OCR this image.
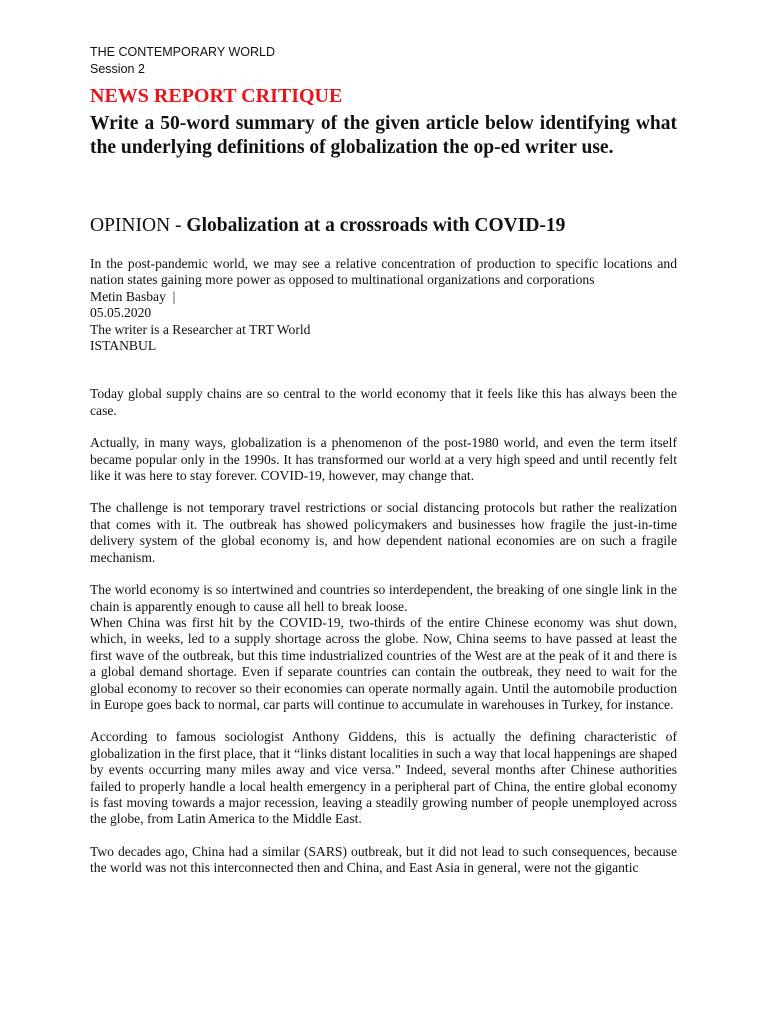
THE CONTEMPORARY WORLD

Session 2

NEWS REPORT CRITIQUE

Write a 50-word summary of the given article below identifying what the underlying definitions of globalization the op-ed writer use.

OPINION - Globalization at a crossroads with COVID-19

In the post-pandemic world, we may see a relative concentration of production to specific locations and nation states gaining more power as opposed to multinational organizations and corporations

Metin Basbay  |

05.05.2020

The writer is a Researcher at TRT World

ISTANBUL

Today global supply chains are so central to the world economy that it feels like this has always been the case.

Actually, in many ways, globalization is a phenomenon of the post-1980 world, and even the term itself became popular only in the 1990s. It has transformed our world at a very high speed and until recently felt like it was here to stay forever. COVID-19, however, may change that.

The challenge is not temporary travel restrictions or social distancing protocols but rather the realization that comes with it. The outbreak has showed policymakers and businesses how fragile the just-in-time delivery system of the global economy is, and how dependent national economies are on such a fragile mechanism.

The world economy is so intertwined and countries so interdependent, the breaking of one single link in the chain is apparently enough to cause all hell to break loose.

When China was first hit by the COVID-19, two-thirds of the entire Chinese economy was shut down, which, in weeks, led to a supply shortage across the globe. Now, China seems to have passed at least the first wave of the outbreak, but this time industrialized countries of the West are at the peak of it and there is a global demand shortage. Even if separate countries can contain the outbreak, they need to wait for the global economy to recover so their economies can operate normally again. Until the automobile production in Europe goes back to normal, car parts will continue to accumulate in warehouses in Turkey, for instance.

According to famous sociologist Anthony Giddens, this is actually the defining characteristic of globalization in the first place, that it “links distant localities in such a way that local happenings are shaped by events occurring many miles away and vice versa.” Indeed, several months after Chinese authorities failed to properly handle a local health emergency in a peripheral part of China, the entire global economy is fast moving towards a major recession, leaving a steadily growing number of people unemployed across the globe, from Latin America to the Middle East.

Two decades ago, China had a similar (SARS) outbreak, but it did not lead to such consequences, because the world was not this interconnected then and China, and East Asia in general, were not the gigantic
